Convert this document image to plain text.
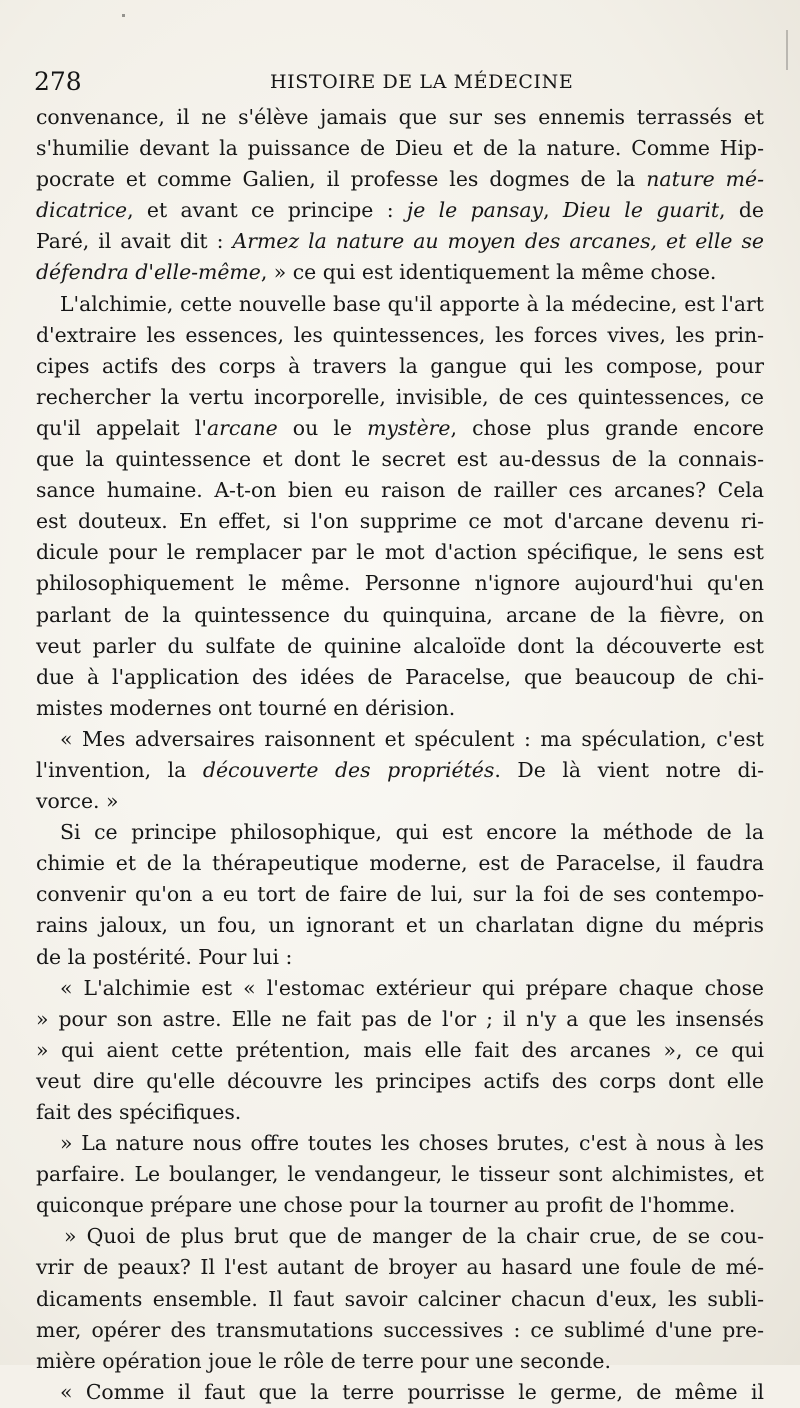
278	HISTOIRE DE LA MÉDECINE
convenance, il ne s'élève jamais que sur ses ennemis terrassés et
s'humilie devant la puissance de Dieu et de la nature. Comme Hip-
pocrate et comme Galien, il professe les dogmes de la nature mé-
dicatrice, et avant ce principe : je le pansay, Dieu le guarit, de
Paré, il avait dit : Armez la nature au moyen des arcanes, et elle se
défendra d'elle-même, » ce qui est identiquement la même chose.
L'alchimie, cette nouvelle base qu'il apporte à la médecine, est l'art
d'extraire les essences, les quintessences, les forces vives, les prin-
cipes actifs des corps à travers la gangue qui les compose, pour
rechercher la vertu incorporelle, invisible, de ces quintessences, ce
qu'il appelait l'arcane ou le mystère, chose plus grande encore
que la quintessence et dont le secret est au-dessus de la connais-
sance humaine. A-t-on bien eu raison de railler ces arcanes? Cela
est douteux. En effet, si l'on supprime ce mot d'arcane devenu ri-
dicule pour le remplacer par le mot d'action spécifique, le sens est
philosophiquement le même. Personne n'ignore aujourd'hui qu'en
parlant de la quintessence du quinquina, arcane de la fièvre, on
veut parler du sulfate de quinine alcaloïde dont la découverte est
due à l'application des idées de Paracelse, que beaucoup de chi-
mistes modernes ont tourné en dérision.
« Mes adversaires raisonnent et spéculent : ma spéculation, c'est
l'invention, la découverte des propriétés. De là vient notre di-
vorce. »
Si ce principe philosophique, qui est encore la méthode de la
chimie et de la thérapeutique moderne, est de Paracelse, il faudra
convenir qu'on a eu tort de faire de lui, sur la foi de ses contempo-
rains jaloux, un fou, un ignorant et un charlatan digne du mépris
de la postérité. Pour lui :
« L'alchimie est « l'estomac extérieur qui prépare chaque chose
» pour son astre. Elle ne fait pas de l'or ; il n'y a que les insensés
» qui aient cette prétention, mais elle fait des arcanes », ce qui
veut dire qu'elle découvre les principes actifs des corps dont elle
fait des spécifiques.
» La nature nous offre toutes les choses brutes, c'est à nous à les
parfaire. Le boulanger, le vendangeur, le tisseur sont alchimistes, et
quiconque prépare une chose pour la tourner au profit de l'homme.
» Quoi de plus brut que de manger de la chair crue, de se cou-
vrir de peaux? Il l'est autant de broyer au hasard une foule de mé-
dicaments ensemble. Il faut savoir calciner chacun d'eux, les subli-
mer, opérer des transmutations successives : ce sublimé d'une pre-
mière opération joue le rôle de terre pour une seconde.
« Comme il faut que la terre pourrisse le germe, de même il
